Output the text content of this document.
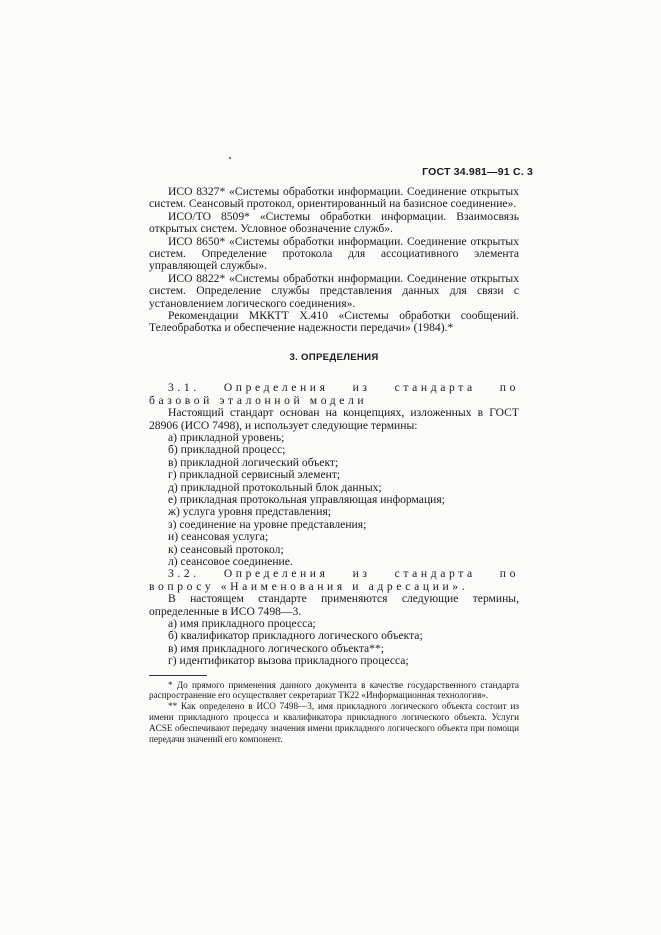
ГОСТ 34.981—91 С. 3

ИСО 8327* «Системы обработки информации. Соединение открытых систем. Сеансовый протокол, ориентированный на базисное соединение».

ИСО/ТО 8509* «Системы обработки информации. Взаимосвязь открытых систем. Условное обозначение служб».

ИСО 8650* «Системы обработки информации. Соединение открытых систем. Определение протокола для ассоциативного элемента управляющей службы».

ИСО 8822* «Системы обработки информации. Соединение открытых систем. Определение службы представления данных для связи с установлением логического соединения».

Рекомендации МККТТ Х.410 «Системы обработки сообщений. Телеобработка и обеспечение надежности передачи» (1984).*

3. ОПРЕДЕЛЕНИЯ

3.1. Определения из стандарта по базовой эталонной модели

Настоящий стандарт основан на концепциях, изложенных в ГОСТ 28906 (ИСО 7498), и использует следующие термины:

а) прикладной уровень;
б) прикладной процесс;
в) прикладной логический объект;
г) прикладной сервисный элемент;
д) прикладной протокольный блок данных;
е) прикладная протокольная управляющая информация;
ж) услуга уровня представления;
з) соединение на уровне представления;
и) сеансовая услуга;
к) сеансовый протокол;
л) сеансовое соединение.

3.2. Определения из стандарта по вопросу «Наименования и адресации».

В настоящем стандарте применяются следующие термины, определенные в ИСО 7498—3.

а) имя прикладного процесса;
б) квалификатор прикладного логического объекта;
в) имя прикладного логического объекта**;
г) идентификатор вызова прикладного процесса;

* До прямого применения данного документа в качестве государственного стандарта распространение его осуществляет секретариат ТК22 «Информационная технология».

** Как определено в ИСО 7498—3, имя прикладного логического объекта состоит из имени прикладного процесса и квалификатора прикладного логического объекта. Услуги ACSE обеспечивают передачу значения имени прикладного логического объекта при помощи передачи значений его компонент.
